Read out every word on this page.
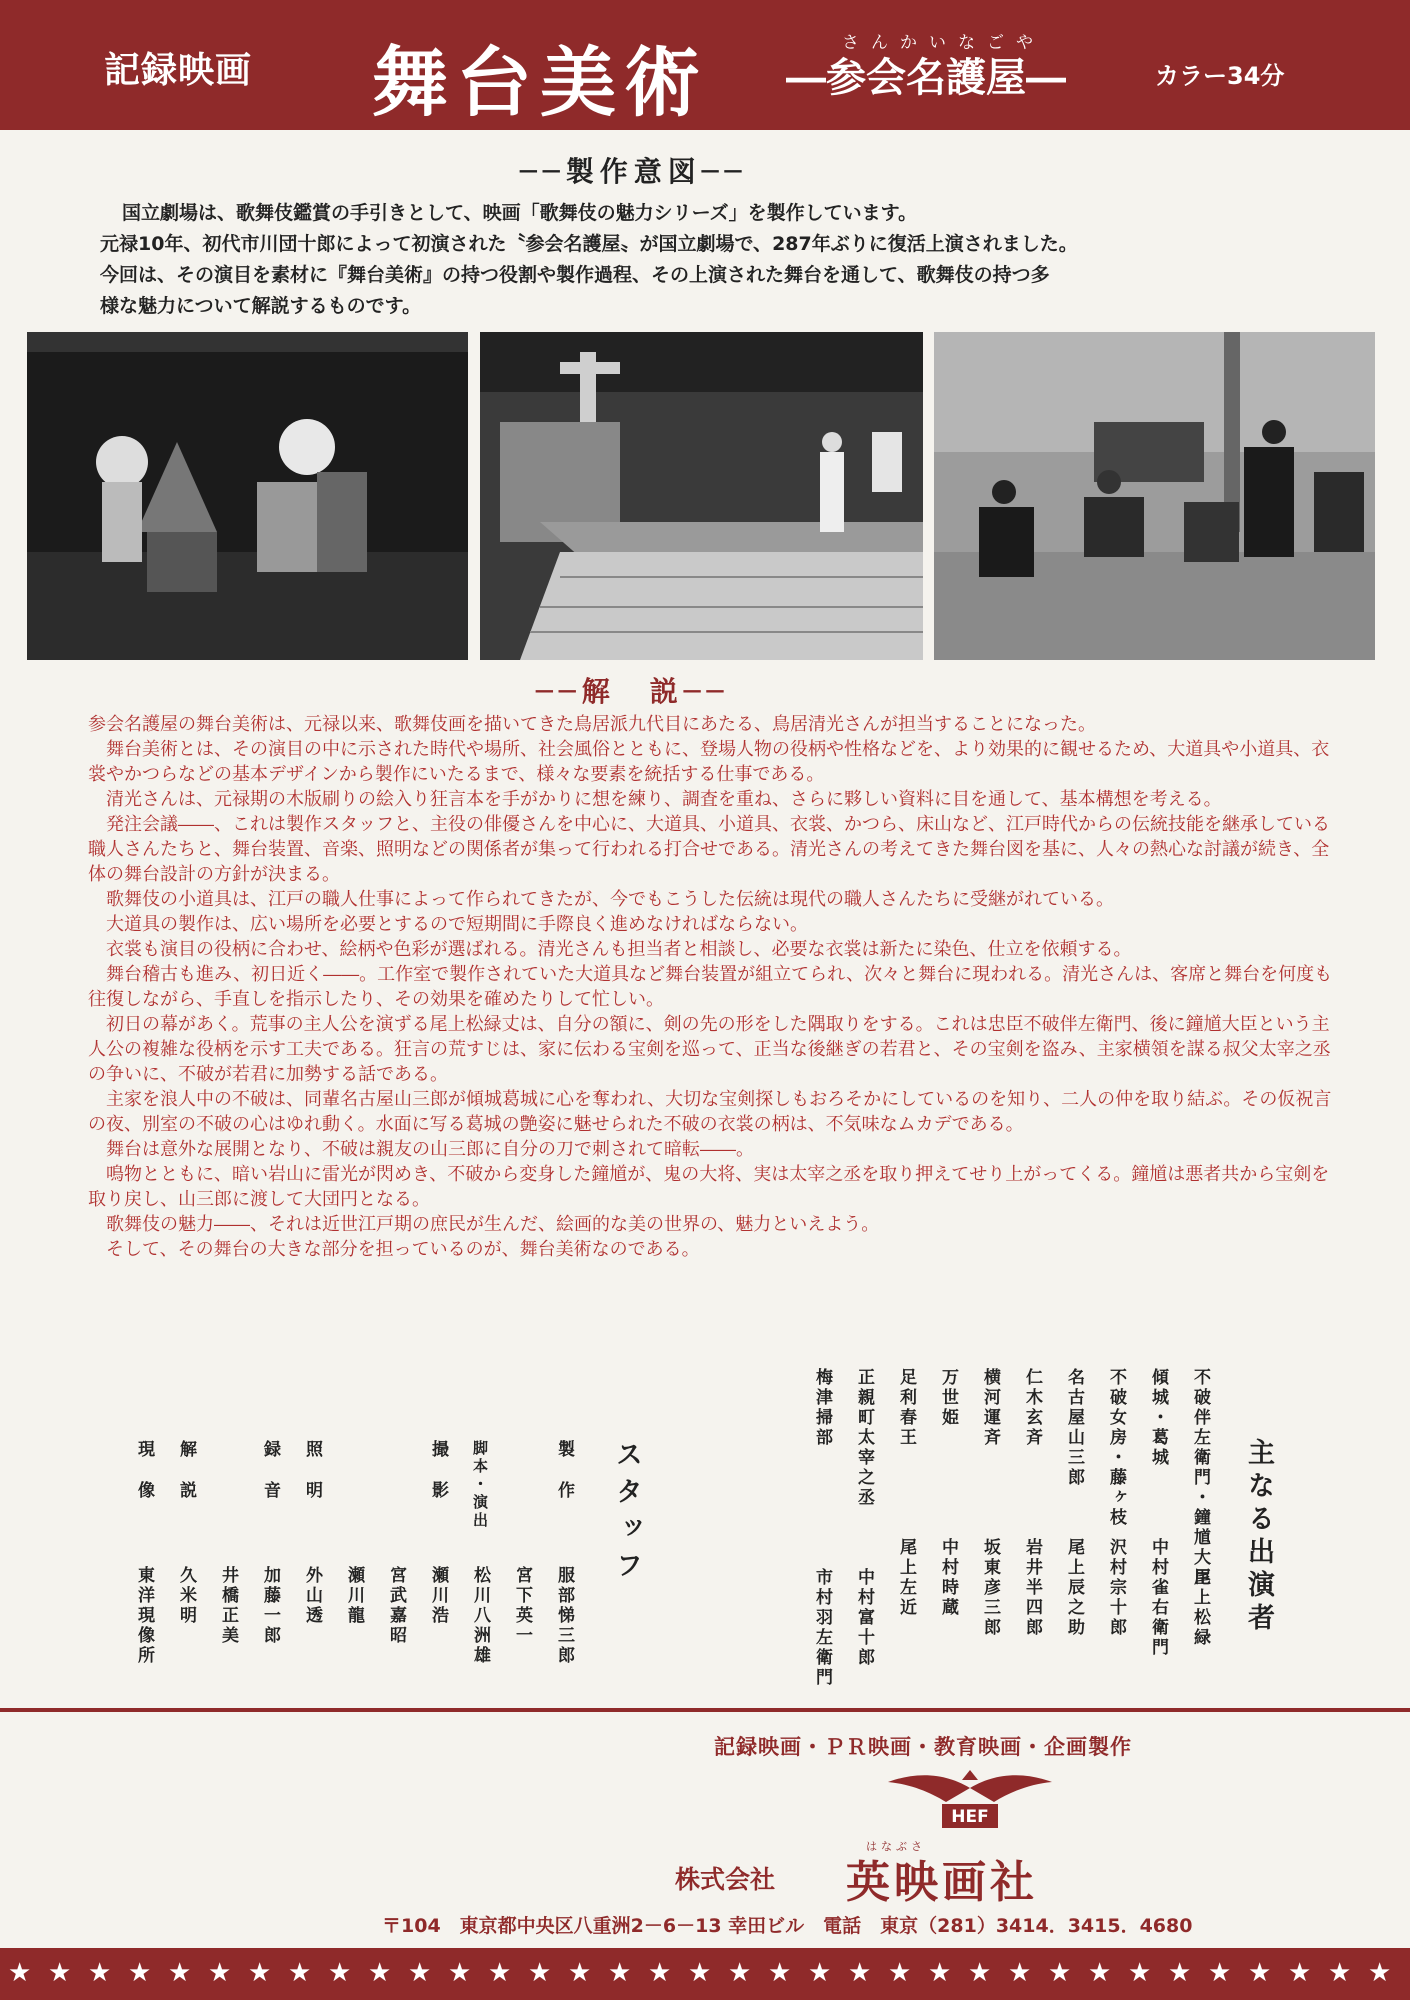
記録映画 舞台美術	さんかいなごや
―参会名護屋―	カラー34分
──製作意図──

国立劇場は、歌舞伎鑑賞の手引きとして、映画「歌舞伎の魅力シリーズ」を製作しています。

元禄10年、初代市川団十郎によって初演された〝参会名護屋〟が国立劇場で、287年ぶりに復活上演されました。

今回は、その演目を素材に『舞台美術』の持つ役割や製作過程、その上演された舞台を通して、歌舞伎の持つ多

様な魅力について解説するものです。

──解　説──

参会名護屋の舞台美術は、元禄以来、歌舞伎画を描いてきた鳥居派九代目にあたる、鳥居清光さんが担当することになった。

　舞台美術とは、その演目の中に示された時代や場所、社会風俗とともに、登場人物の役柄や性格などを、より効果的に観せるため、大道具や小道具、衣裳やかつらなどの基本デザインから製作にいたるまで、様々な要素を統括する仕事である。

　清光さんは、元禄期の木版刷りの絵入り狂言本を手がかりに想を練り、調査を重ね、さらに夥しい資料に目を通して、基本構想を考える。

　発注会議――、これは製作スタッフと、主役の俳優さんを中心に、大道具、小道具、衣裳、かつら、床山など、江戸時代からの伝統技能を継承している職人さんたちと、舞台装置、音楽、照明などの関係者が集って行われる打合せである。清光さんの考えてきた舞台図を基に、人々の熱心な討議が続き、全体の舞台設計の方針が決まる。

　歌舞伎の小道具は、江戸の職人仕事によって作られてきたが、今でもこうした伝統は現代の職人さんたちに受継がれている。

　大道具の製作は、広い場所を必要とするので短期間に手際良く進めなければならない。

　衣裳も演目の役柄に合わせ、絵柄や色彩が選ばれる。清光さんも担当者と相談し、必要な衣裳は新たに染色、仕立を依頼する。

　舞台稽古も進み、初日近く――。工作室で製作されていた大道具など舞台装置が組立てられ、次々と舞台に現われる。清光さんは、客席と舞台を何度も往復しながら、手直しを指示したり、その効果を確めたりして忙しい。

　初日の幕があく。荒事の主人公を演ずる尾上松緑丈は、自分の額に、剣の先の形をした隅取りをする。これは忠臣不破伴左衛門、後に鐘馗大臣という主人公の複雑な役柄を示す工夫である。狂言の荒すじは、家に伝わる宝剣を巡って、正当な後継ぎの若君と、その宝剣を盗み、主家横領を謀る叔父太宰之丞の争いに、不破が若君に加勢する話である。

　主家を浪人中の不破は、同輩名古屋山三郎が傾城葛城に心を奪われ、大切な宝剣探しもおろそかにしているのを知り、二人の仲を取り結ぶ。その仮祝言の夜、別室の不破の心はゆれ動く。水面に写る葛城の艶姿に魅せられた不破の衣裳の柄は、不気味なムカデである。

　舞台は意外な展開となり、不破は親友の山三郎に自分の刀で刺されて暗転――。

　鳴物とともに、暗い岩山に雷光が閃めき、不破から変身した鐘馗が、鬼の大将、実は太宰之丞を取り押えてせり上がってくる。鐘馗は悪者共から宝剣を取り戻し、山三郎に渡して大団円となる。

　歌舞伎の魅力――、それは近世江戸期の庶民が生んだ、絵画的な美の世界の、魅力といえよう。

　そして、その舞台の大きな部分を担っているのが、舞台美術なのである。

主なる出演者
不破伴左衛門・鐘馗大臣
尾上松緑
傾城・葛城
中村雀右衛門
不破女房・藤ヶ枝
沢村宗十郎
名古屋山三郎
尾上辰之助
仁木玄斉
岩井半四郎
横河運斉
坂東彦三郎
万世姫
中村時蔵
足利春王
尾上左近
正親町太宰之丞
中村富十郎
梅津掃部
市村羽左衛門
スタッフ
製作
服部悌三郎
宮下英一
脚本・演出
松川八洲雄
撮影
瀬川浩
宮武嘉昭
瀬川龍
照明
外山透
録音
加藤一郎
井橋正美
解説
久米明
現像
東洋現像所
記録映画・ＰＲ映画・教育映画・企画製作
HEF
株式会社
はなぶさ
英映画社
〒104　東京都中央区八重洲2－6－13 幸田ビル　電話　東京（281）3414．3415．4680
★ ★ ★ ★ ★ ★ ★ ★ ★ ★ ★ ★ ★ ★ ★ ★ ★ ★ ★ ★ ★ ★ ★ ★ ★ ★ ★ ★ ★ ★ ★ ★ ★ ★ ★
